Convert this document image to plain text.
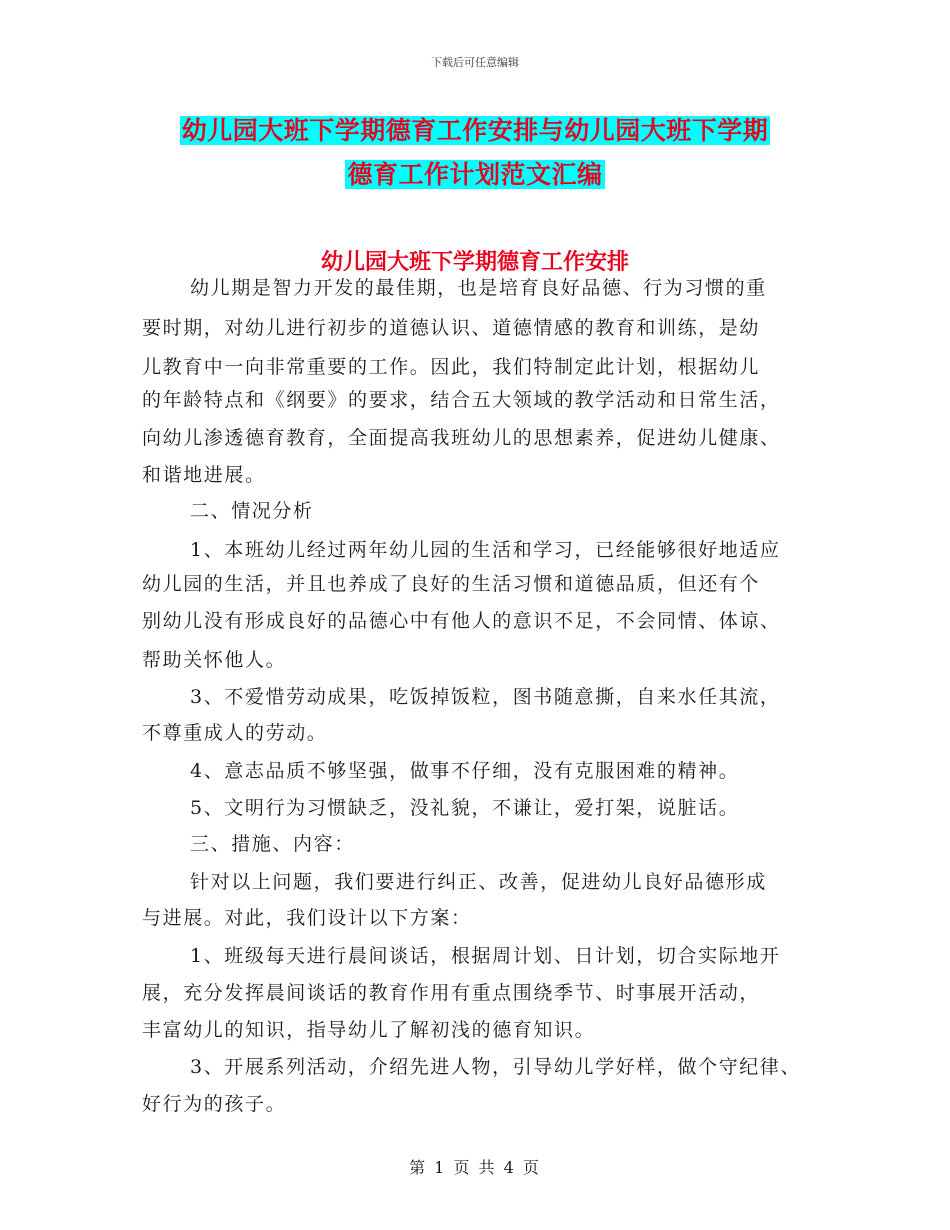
下载后可任意编辑
幼儿园大班下学期德育工作安排与幼儿园大班下学期
德育工作计划范文汇编
幼儿园大班下学期德育工作安排
幼儿期是智力开发的最佳期，也是培育良好品德、行为习惯的重
要时期，对幼儿进行初步的道德认识、道德情感的教育和训练，是幼
儿教育中一向非常重要的工作。因此，我们特制定此计划，根据幼儿
的年龄特点和《纲要》的要求，结合五大领域的教学活动和日常生活，
向幼儿渗透德育教育，全面提高我班幼儿的思想素养，促进幼儿健康、
和谐地进展。
二、情况分析
1、本班幼儿经过两年幼儿园的生活和学习，已经能够很好地适应
幼儿园的生活，并且也养成了良好的生活习惯和道德品质，但还有个
别幼儿没有形成良好的品德心中有他人的意识不足，不会同情、体谅、
帮助关怀他人。
3、不爱惜劳动成果，吃饭掉饭粒，图书随意撕，自来水任其流，
不尊重成人的劳动。
4、意志品质不够坚强，做事不仔细，没有克服困难的精神。
5、文明行为习惯缺乏，没礼貌，不谦让，爱打架，说脏话。
三、措施、内容：
针对以上问题，我们要进行纠正、改善，促进幼儿良好品德形成
与进展。对此，我们设计以下方案：
1、班级每天进行晨间谈话，根据周计划、日计划，切合实际地开
展，充分发挥晨间谈话的教育作用有重点围绕季节、时事展开活动，
丰富幼儿的知识，指导幼儿了解初浅的德育知识。
3、开展系列活动，介绍先进人物，引导幼儿学好样，做个守纪律、
好行为的孩子。
第 1 页 共 4 页
